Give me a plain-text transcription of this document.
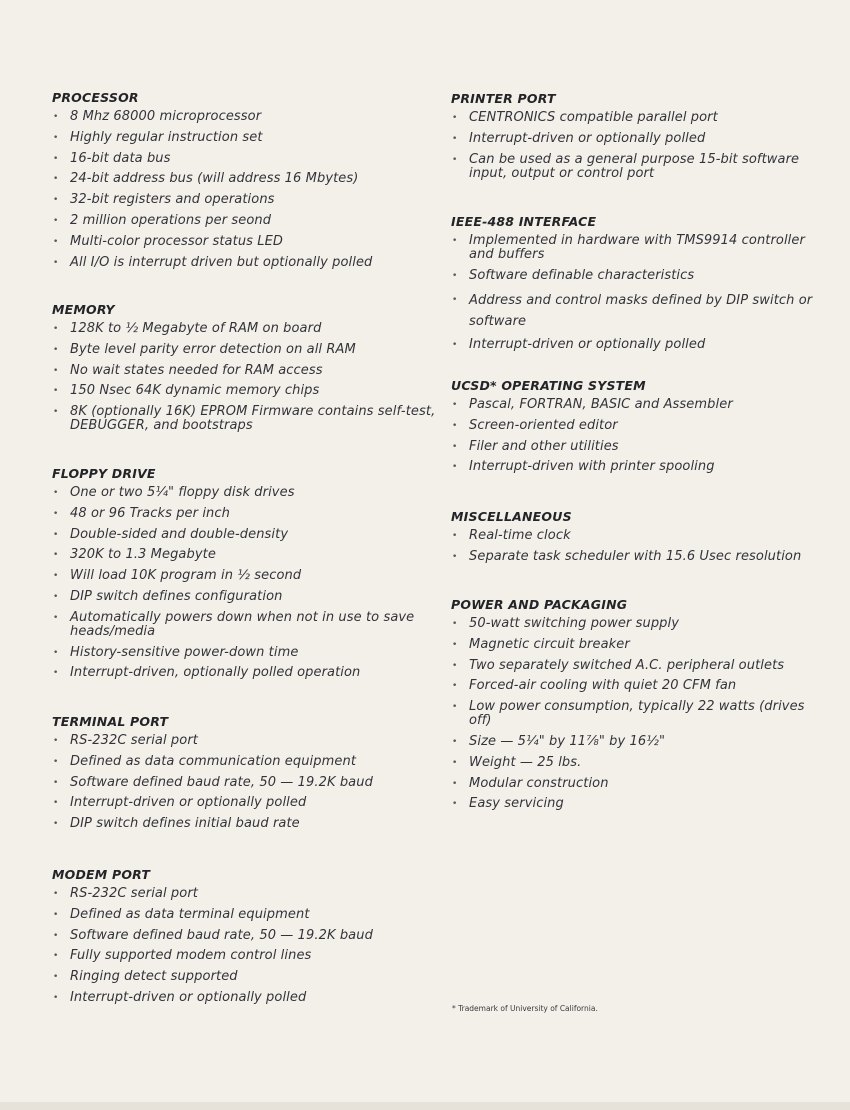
PROCESSOR
• 8 Mhz 68000 microprocessor
• Highly regular instruction set
• 16-bit data bus
• 24-bit address bus (will address 16 Mbytes)
• 32-bit registers and operations
• 2 million operations per seond
• Multi-color processor status LED
• All I/O is interrupt driven but optionally polled
MEMORY
• 128K to ½ Megabyte of RAM on board
• Byte level parity error detection on all RAM
• No wait states needed for RAM access
• 150 Nsec 64K dynamic memory chips
• 8K (optionally 16K) EPROM Firmware contains self-test, DEBUGGER, and bootstraps
FLOPPY DRIVE
• One or two 5¼" floppy disk drives
• 48 or 96 Tracks per inch
• Double-sided and double-density
• 320K to 1.3 Megabyte
• Will load 10K program in ½ second
• DIP switch defines configuration
• Automatically powers down when not in use to save heads/media
• History-sensitive power-down time
• Interrupt-driven, optionally polled operation
TERMINAL PORT
• RS-232C serial port
• Defined as data communication equipment
• Software defined baud rate, 50 — 19.2K baud
• Interrupt-driven or optionally polled
• DIP switch defines initial baud rate
MODEM PORT
• RS-232C serial port
• Defined as data terminal equipment
• Software defined baud rate, 50 — 19.2K baud
• Fully supported modem control lines
• Ringing detect supported
• Interrupt-driven or optionally polled
PRINTER PORT
• CENTRONICS compatible parallel port
• Interrupt-driven or optionally polled
• Can be used as a general purpose 15-bit software input, output or control port
IEEE-488 INTERFACE
• Implemented in hardware with TMS9914 controller and buffers
• Software definable characteristics
• Address and control masks defined by DIP switch or software
• Interrupt-driven or optionally polled
UCSD* OPERATING SYSTEM
• Pascal, FORTRAN, BASIC and Assembler
• Screen-oriented editor
• Filer and other utilities
• Interrupt-driven with printer spooling
MISCELLANEOUS
• Real-time clock
• Separate task scheduler with 15.6 Usec resolution
POWER AND PACKAGING
• 50-watt switching power supply
• Magnetic circuit breaker
• Two separately switched A.C. peripheral outlets
• Forced-air cooling with quiet 20 CFM fan
• Low power consumption, typically 22 watts (drives off)
• Size — 5¼" by 11⅞" by 16½"
• Weight — 25 lbs.
• Modular construction
• Easy servicing
* Trademark of University of California.
